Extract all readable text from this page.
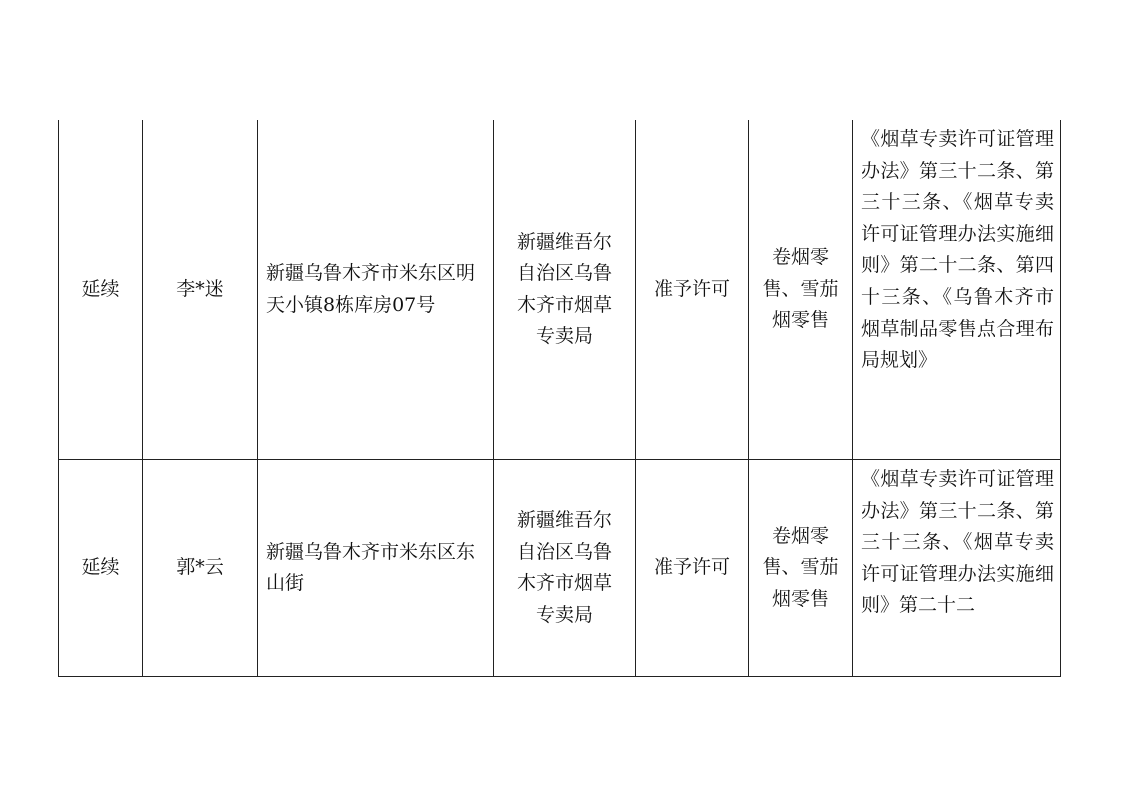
延续	李*迷	新疆乌鲁木齐市米东区明天小镇8栋库房07号	新疆维吾尔自治区乌鲁木齐市烟草专卖局	准予许可	卷烟零售、雪茄烟零售	《烟草专卖许可证管理办法》第三十二条、第三十三条、《烟草专卖许可证管理办法实施细则》第二十二条、第四十三条、《乌鲁木齐市烟草制品零售点合理布局规划》
延续	郭*云	新疆乌鲁木齐市米东区东山街	新疆维吾尔自治区乌鲁木齐市烟草专卖局	准予许可	卷烟零售、雪茄烟零售	《烟草专卖许可证管理办法》第三十二条、第三十三条、《烟草专卖许可证管理办法实施细则》第二十二
